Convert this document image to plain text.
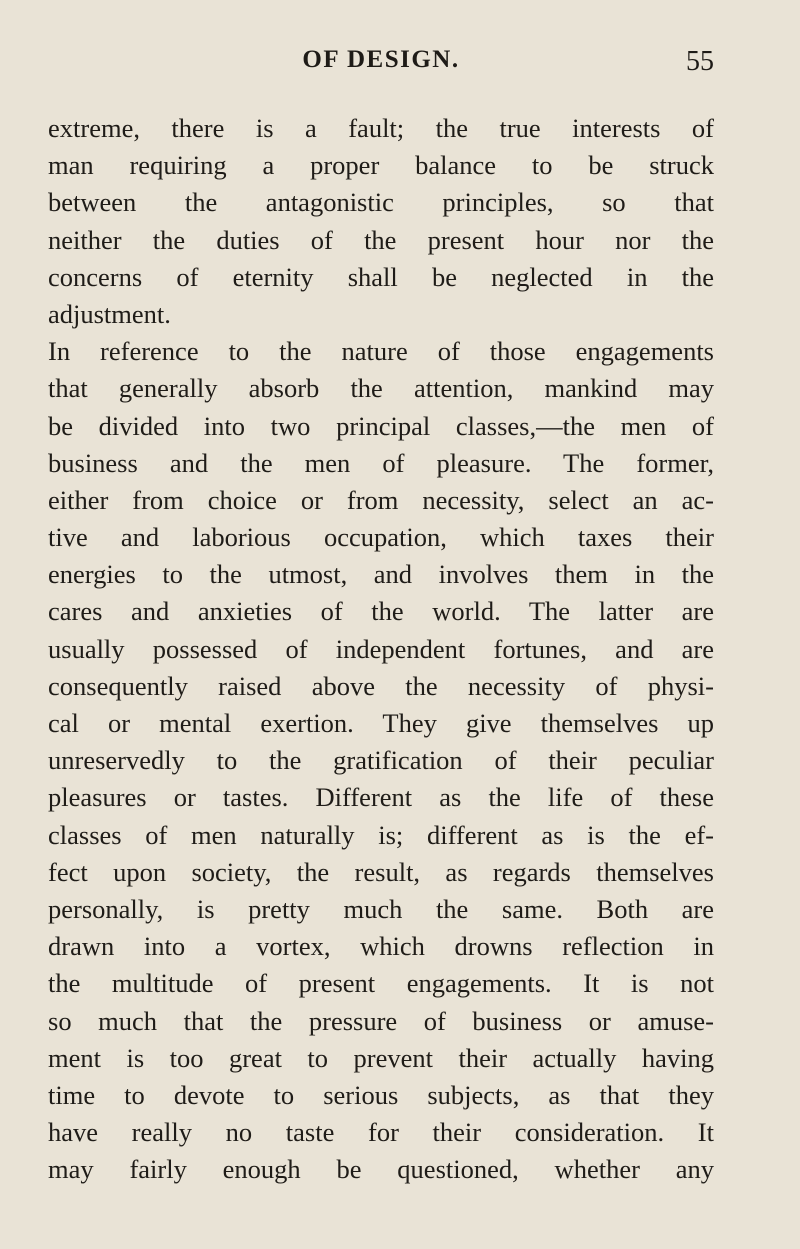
OF DESIGN.	55
extreme, there is a fault; the true interests of
man requiring a proper balance to be struck
between the antagonistic principles, so that
neither the duties of the present hour nor the
concerns of eternity shall be neglected in the
adjustment.
In reference to the nature of those engagements
that generally absorb the attention, mankind may
be divided into two principal classes,—the men of
business and the men of pleasure. The former,
either from choice or from necessity, select an ac-
tive and laborious occupation, which taxes their
energies to the utmost, and involves them in the
cares and anxieties of the world. The latter are
usually possessed of independent fortunes, and are
consequently raised above the necessity of physi-
cal or mental exertion. They give themselves up
unreservedly to the gratification of their peculiar
pleasures or tastes. Different as the life of these
classes of men naturally is; different as is the ef-
fect upon society, the result, as regards themselves
personally, is pretty much the same. Both are
drawn into a vortex, which drowns reflection in
the multitude of present engagements. It is not
so much that the pressure of business or amuse-
ment is too great to prevent their actually having
time to devote to serious subjects, as that they
have really no taste for their consideration. It
may fairly enough be questioned, whether any
